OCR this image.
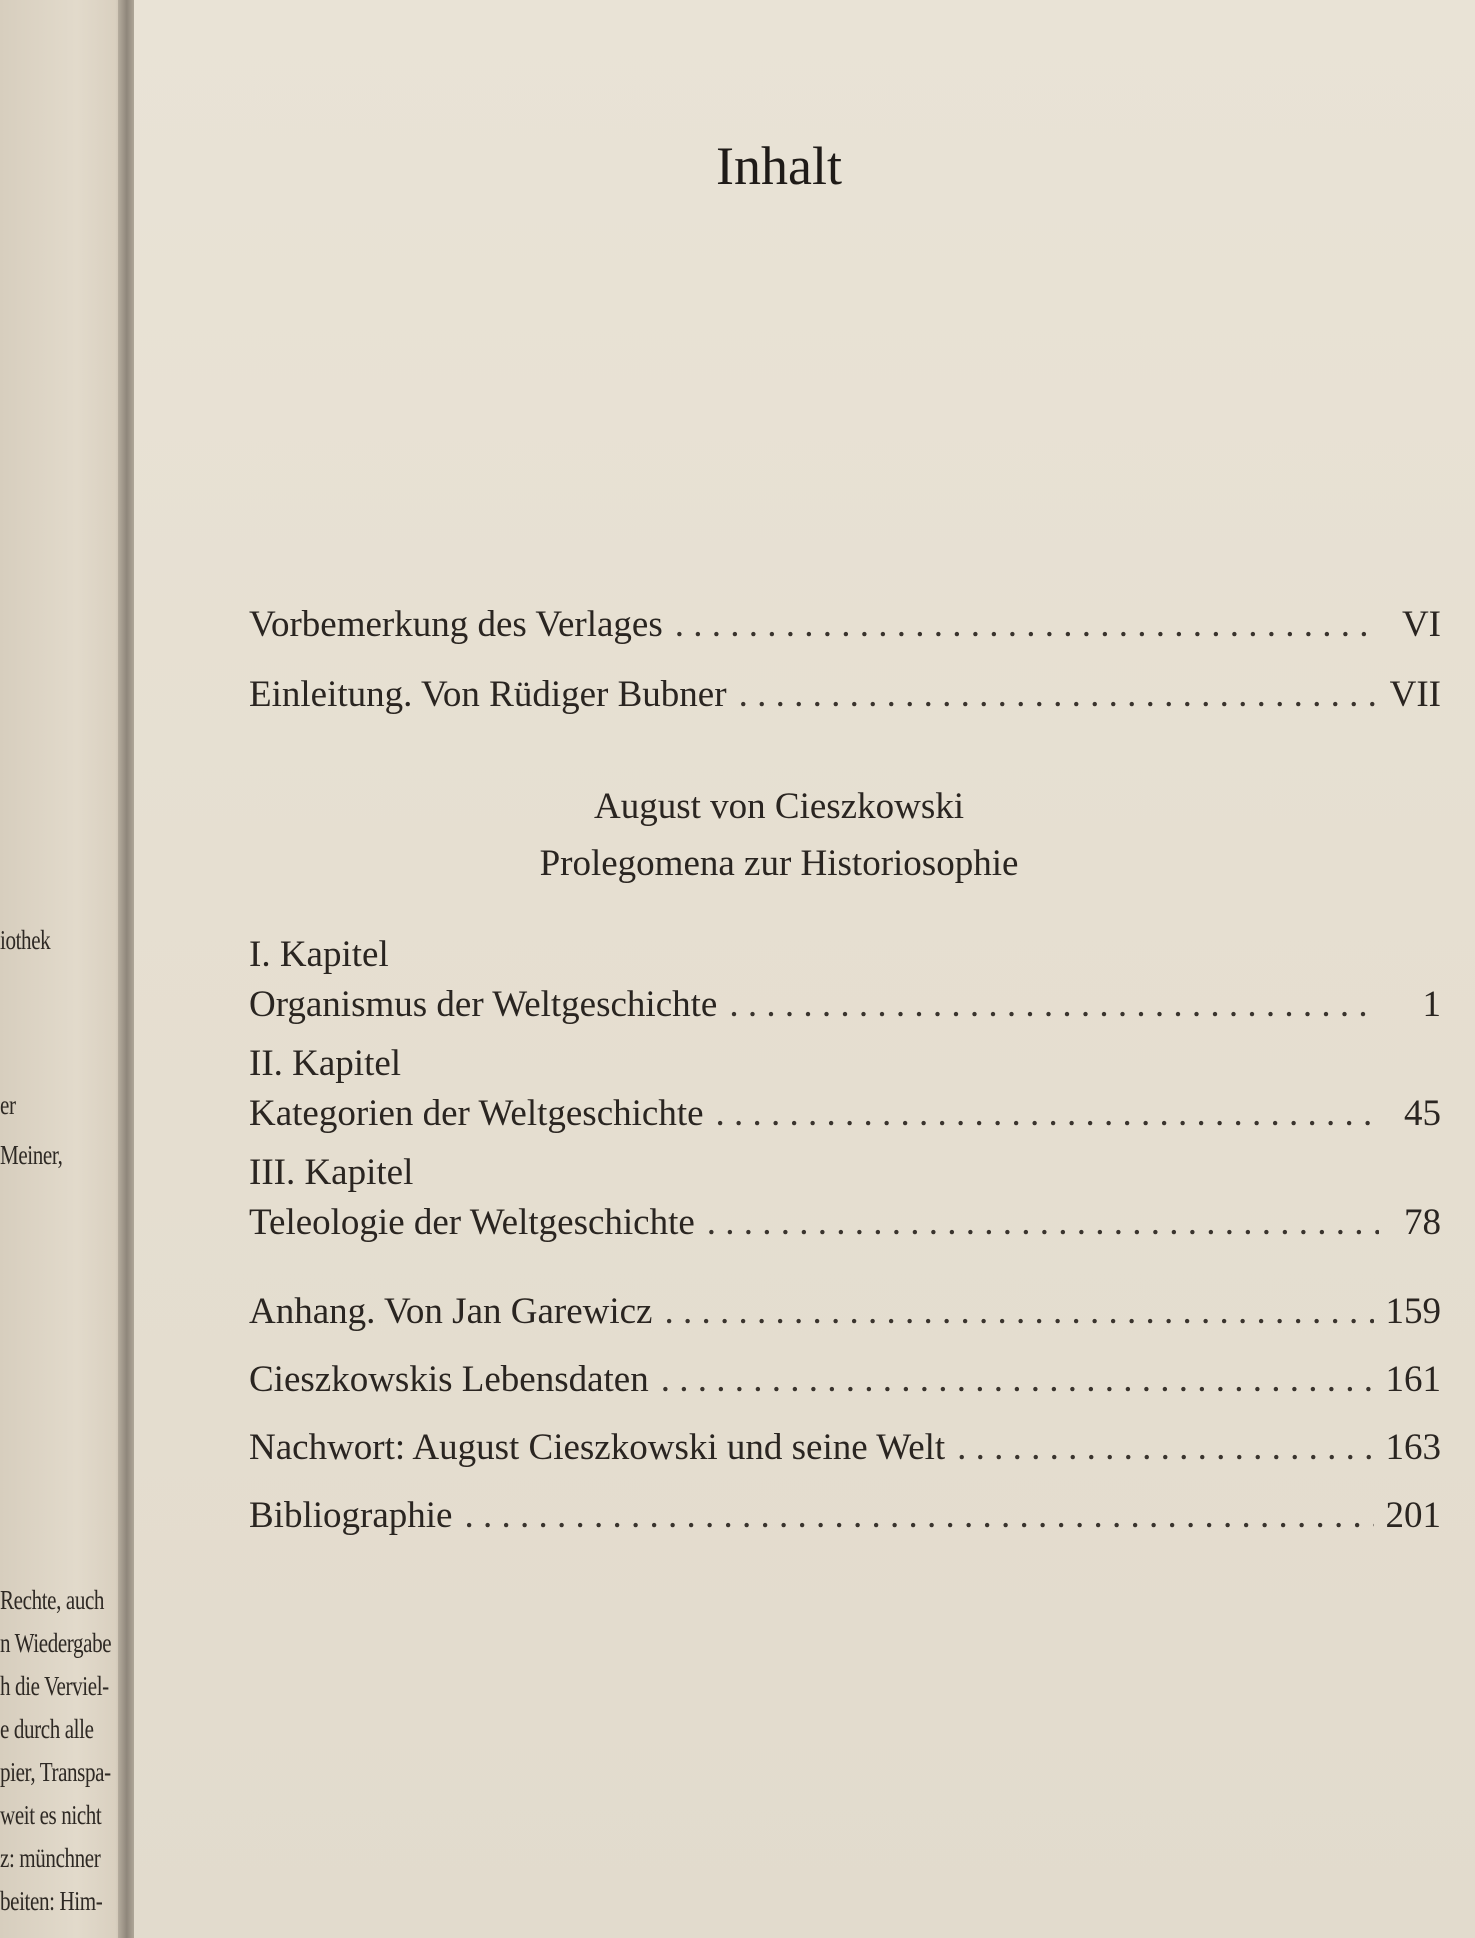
iothek
er
Meiner,
Rechte, auch
n Wiedergabe
h die Verviel-
e durch alle
pier, Transpa-
weit es nicht
z: münchner
beiten: Him-
Inhalt
Vorbemerkung des Verlages . . .	VI
Einleitung. Von Rüdiger Bubner . . .	VII
August von Cieszkowski
Prolegomena zur Historiosophie
I. Kapitel
Organismus der Weltgeschichte . . .	1
II. Kapitel
Kategorien der Weltgeschichte . . .	45
III. Kapitel
Teleologie der Weltgeschichte . . .	78
Anhang. Von Jan Garewicz . . .	159
Cieszkowskis Lebensdaten . . .	161
Nachwort: August Cieszkowski und seine Welt . . .	163
Bibliographie . . .	201
